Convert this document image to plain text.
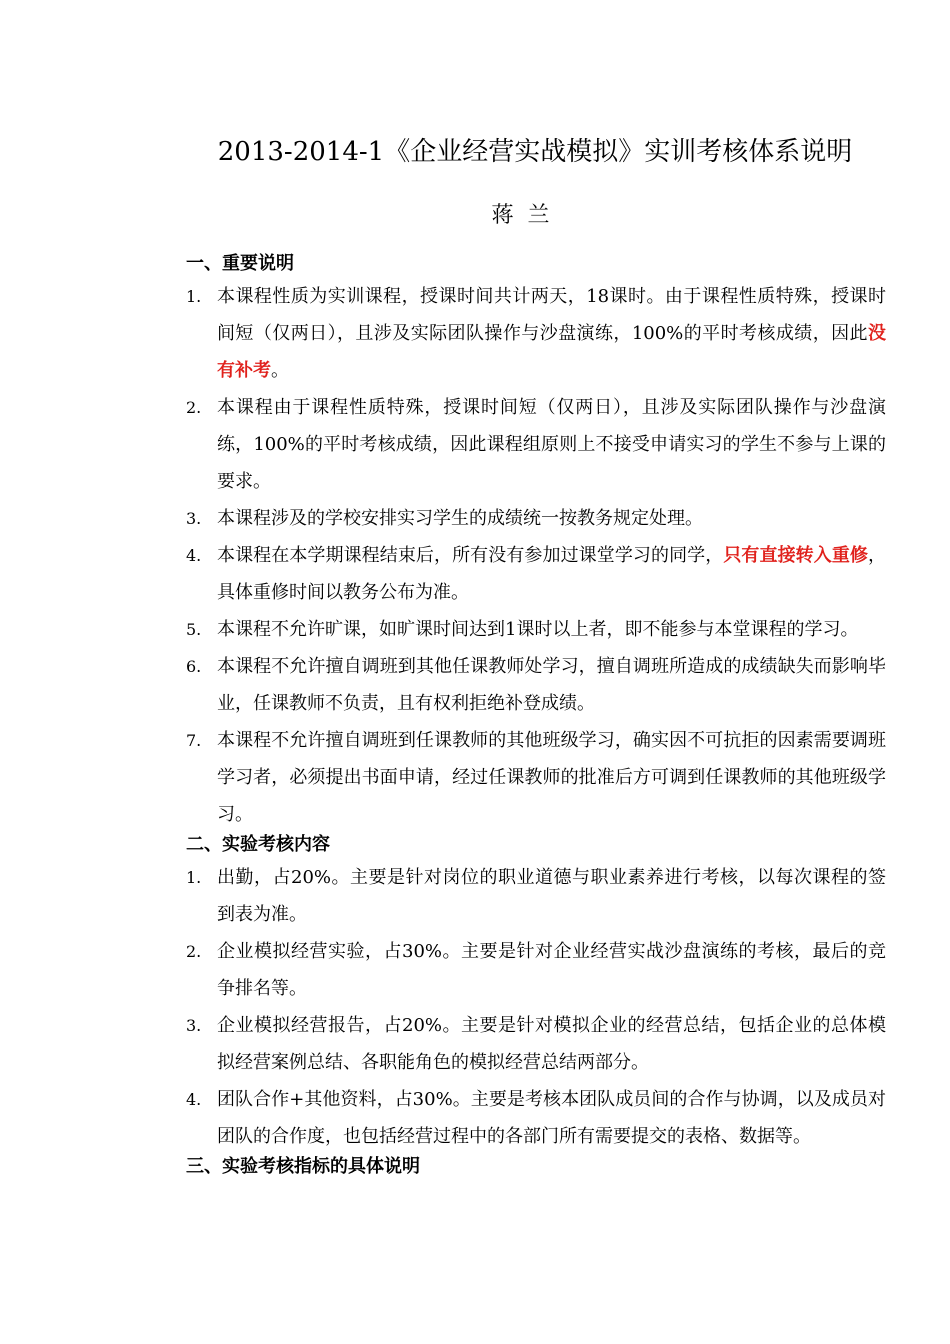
2013-2014-1《企业经营实战模拟》实训考核体系说明
蒋兰
一、重要说明
1. 本课程性质为实训课程，授课时间共计两天，18课时。由于课程性质特殊，授课时间短（仅两日），且涉及实际团队操作与沙盘演练，100%的平时考核成绩，因此没有补考。
2. 本课程由于课程性质特殊，授课时间短（仅两日），且涉及实际团队操作与沙盘演练，100%的平时考核成绩，因此课程组原则上不接受申请实习的学生不参与上课的要求。
3. 本课程涉及的学校安排实习学生的成绩统一按教务规定处理。
4. 本课程在本学期课程结束后，所有没有参加过课堂学习的同学，只有直接转入重修，具体重修时间以教务公布为准。
5. 本课程不允许旷课，如旷课时间达到1课时以上者，即不能参与本堂课程的学习。
6. 本课程不允许擅自调班到其他任课教师处学习，擅自调班所造成的成绩缺失而影响毕业，任课教师不负责，且有权利拒绝补登成绩。
7. 本课程不允许擅自调班到任课教师的其他班级学习，确实因不可抗拒的因素需要调班学习者，必须提出书面申请，经过任课教师的批准后方可调到任课教师的其他班级学习。
二、实验考核内容
1. 出勤，占20%。主要是针对岗位的职业道德与职业素养进行考核，以每次课程的签到表为准。
2. 企业模拟经营实验，占30%。主要是针对企业经营实战沙盘演练的考核，最后的竞争排名等。
3. 企业模拟经营报告，占20%。主要是针对模拟企业的经营总结，包括企业的总体模拟经营案例总结、各职能角色的模拟经营总结两部分。
4. 团队合作+其他资料，占30%。主要是考核本团队成员间的合作与协调，以及成员对团队的合作度，也包括经营过程中的各部门所有需要提交的表格、数据等。
三、实验考核指标的具体说明
